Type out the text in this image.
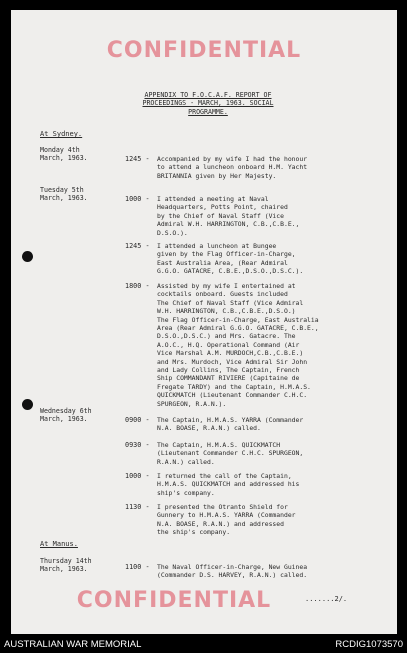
CONFIDENTIAL
APPENDIX TO F.O.C.A.F. REPORT OF
PROCEEDINGS - MARCH, 1963. SOCIAL
PROGRAMME.
At Sydney.
Monday 4th
March, 1963.	1245 -	Accompanied by my wife I had the honour
to attend a luncheon onboard H.M. Yacht
BRITANNIA given by Her Majesty.
Tuesday 5th
March, 1963.	1000 -	I attended a meeting at Naval
Headquarters, Potts Point, chaired
by the Chief of Naval Staff (Vice
Admiral W.H. HARRINGTON, C.B.,C.B.E.,
D.S.O.).
1245 -	I attended a luncheon at Bungee
given by the Flag Officer-in-Charge,
East Australia Area, (Rear Admiral
G.G.O. GATACRE, C.B.E.,D.S.O.,D.S.C.).
1800 -	Assisted by my wife I entertained at
cocktails onboard. Guests included
The Chief of Naval Staff (Vice Admiral
W.H. HARRINGTON, C.B.,C.B.E.,D.S.O.)
The Flag Officer-in-Charge, East Australia
Area (Rear Admiral G.G.O. GATACRE, C.B.E.,
D.S.O.,D.S.C.) and Mrs. Gatacre. The
A.O.C., H.Q. Operational Command (Air
Vice Marshal A.M. MURDOCH,C.B.,C.B.E.)
and Mrs. Murdoch, Vice Admiral Sir John
and Lady Collins, The Captain, French
Ship COMMANDANT RIVIERE (Capitaine de
Fregate TARDY) and the Captain, H.M.A.S.
QUICKMATCH (Lieutenant Commander C.H.C.
SPURGEON, R.A.N.).
Wednesday 6th
March, 1963.	0900 -	The Captain, H.M.A.S. YARRA (Commander
N.A. BOASE, R.A.N.) called.
0930 -	The Captain, H.M.A.S. QUICKMATCH
(Lieutenant Commander C.H.C. SPURGEON,
R.A.N.) called.
1000 -	I returned the call of the Captain,
H.M.A.S. QUICKMATCH and addressed his
ship's company.
1130 -	I presented the Otranto Shield for
Gunnery to H.M.A.S. YARRA (Commander
N.A. BOASE, R.A.N.) and addressed
the ship's company.
At Manus.
Thursday 14th
March, 1963.	1100 -	The Naval Officer-in-Charge, New Guinea
(Commander D.S. HARVEY, R.A.N.) called.
CONFIDENTIAL	.......2/.
AUSTRALIAN WAR MEMORIAL	RCDIG1073570
